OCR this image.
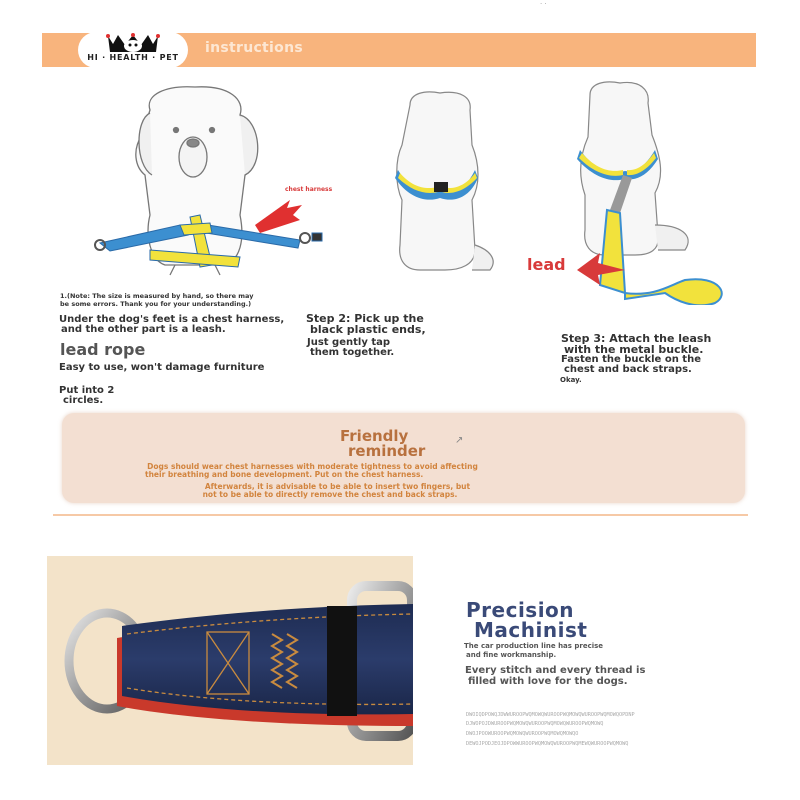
· ·
instructions
HI · HEALTH · PET
chest harness
lead
1.(Note: The size is measured by hand, so there may
be some errors. Thank you for your understanding.)
Under the dog's feet is a chest harness,
and the other part is a leash.
lead rope
Easy to use, won't damage furniture
Put into 2
circles.
Step 2: Pick up the
black plastic ends,
Just gently tap
them together.
Step 3: Attach the leash
with the metal buckle.
Fasten the buckle on the
chest and back straps.
Okay.
Friendly
reminder
↗
Dogs should wear chest harnesses with moderate tightness to avoid affecting
their breathing and bone development. Put on the chest harness.
Afterwards, it is advisable to be able to insert two fingers, but
not to be able to directly remove the chest and back straps.
Precision
Machinist
The car production line has precise
and fine workmanship.
Every stitch and every thread is
filled with love for the dogs.
DWOIQDPOWQJDWWUROOPWQMOWQWUROOPWQMOWQWUROOPWQMOWQOPDNP
DJWOPOJDWUROOPWQMOWQWUROOPWQMOWQWUROOPWQMOWQ
DWOJPOOWUROOPWQMOWQWUROOPWQMOWQMOWQO
DEWOJPODJEOJDPOWWUROOPWQMOWQWUROOPWQMEWQWUROOPWQMOWQ
